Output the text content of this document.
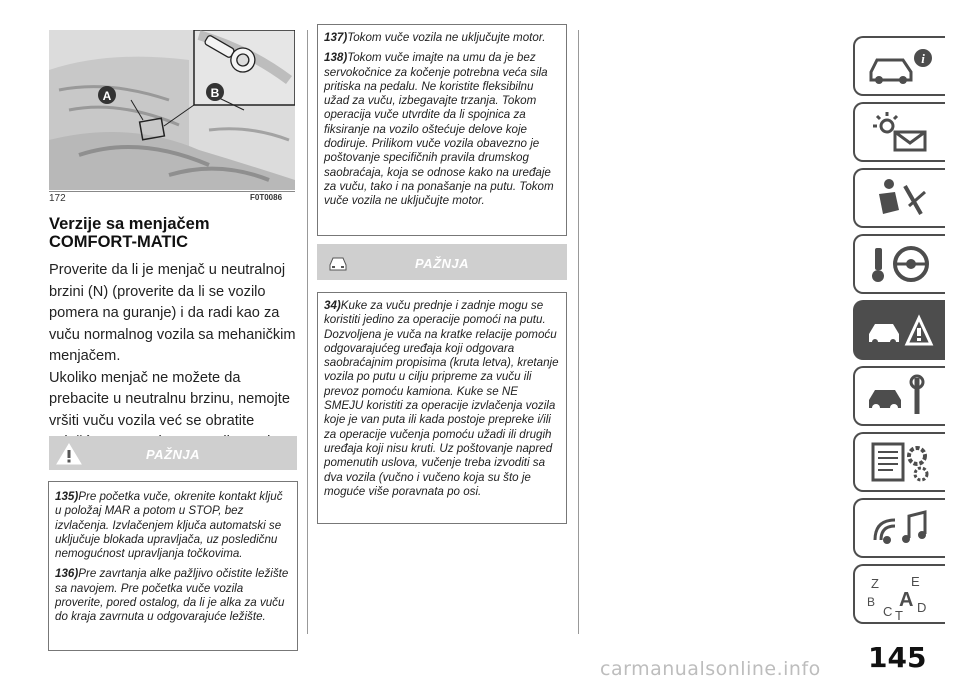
A	B
172	F0T0086
Verzije sa menjačem COMFORT-MATIC

Proverite da li je menjač u neutralnoj brzini (N) (proverite da li se vozilo pomera na guranje) i da radi kao za vuču normalnog vozila sa mehaničkim menjačem.

Ukoliko menjač ne možete da prebacite u neutralnu brzinu, nemojte vršiti vuču vozila već se obratite

PAŽNJA

135)Pre početka vuče, okrenite kontakt ključ u položaj MAR a potom u STOP, bez izvlačenja. Izvlačenjem ključa automatski se uključuje blokada upravljača, uz posledičnu nemogućnost upravljanja točkovima.

136)Pre zavrtanja alke pažljivo očistite ležište sa navojem. Pre početka vuče vozila proverite, pored ostalog, da li je alka za vuču do kraja zavrnuta u odgovarajuće ležište.

137)Tokom vuče vozila ne uključujte motor.

138)Tokom vuče imajte na umu da je bez servokočnice za kočenje potrebna veća sila pritiska na pedalu. Ne koristite fleksibilnu užad za vuču, izbegavajte trzanja. Tokom operacija vuče utvrdite da li spojnica za fiksiranje na vozilo oštećuje delove koje dodiruje. Prilikom vuče vozila obavezno je poštovanje specifičnih pravila drumskog saobraćaja, koja se odnose kako na uređaje za vuču, tako i na ponašanje na putu. Tokom vuče vozila ne uključujte motor.

PAŽNJA

34)Kuke za vuču prednje i zadnje mogu se koristiti jedino za operacije pomoći na putu. Dozvoljena je vuča na kratke relacije pomoću odgovarajućeg uređaja koji odgovara saobraćajnim propisima (kruta letva), kretanje vozila po putu u cilju pripreme za vuču ili prevoz pomoću kamiona. Kuke se NE SMEJU koristiti za operacije izvlačenja vozila koje je van puta ili kada postoje prepreke i/ili za operacije vučenja pomoću užadi ili drugih uređaja koji nisu kruti. Uz poštovanje napred pomenutih uslova, vučenje treba izvoditi sa dva vozila (vučno i vučeno koja su što je moguće više poravnata po osi.

i
Z E
B A
C T
D
145
carmanualsonline.info
